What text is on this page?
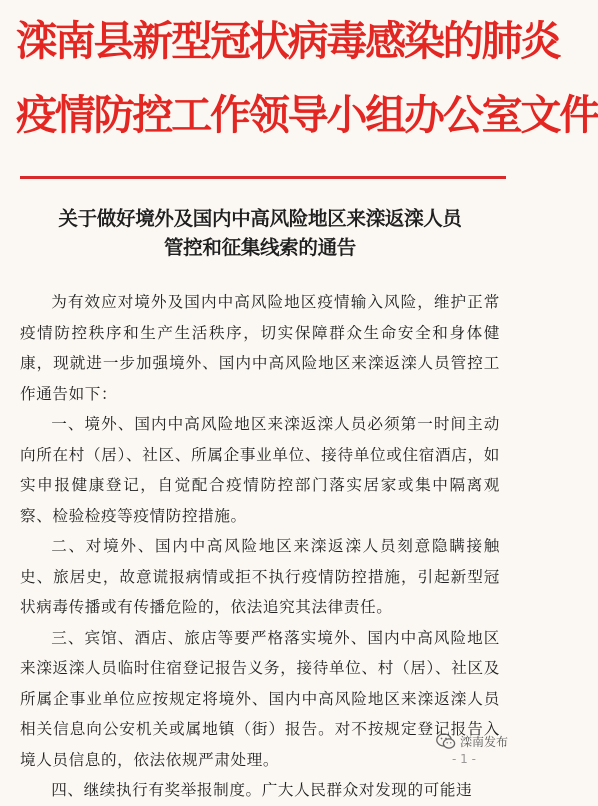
滦南县新型冠状病毒感染的肺炎
疫情防控工作领导小组办公室文件
关于做好境外及国内中高风险地区来滦返滦人员
管控和征集线索的通告

为有效应对境外及国内中高风险地区疫情输入风险，维护正常疫情防控秩序和生产生活秩序，切实保障群众生命安全和身体健康，现就进一步加强境外、国内中高风险地区来滦返滦人员管控工作通告如下：

一、境外、国内中高风险地区来滦返滦人员必须第一时间主动向所在村（居）、社区、所属企事业单位、接待单位或住宿酒店，如实申报健康登记，自觉配合疫情防控部门落实居家或集中隔离观察、检验检疫等疫情防控措施。

二、对境外、国内中高风险地区来滦返滦人员刻意隐瞒接触史、旅居史，故意谎报病情或拒不执行疫情防控措施，引起新型冠状病毒传播或有传播危险的，依法追究其法律责任。

三、宾馆、酒店、旅店等要严格落实境外、国内中高风险地区来滦返滦人员临时住宿登记报告义务，接待单位、村（居）、社区及所属企事业单位应按规定将境外、国内中高风险地区来滦返滦人员相关信息向公安机关或属地镇（街）报告。对不按规定登记报告入境人员信息的，依法依规严肃处理。

四、继续执行有奖举报制度。广大人民群众对发现的可能违

滦南发布
- 1 -
